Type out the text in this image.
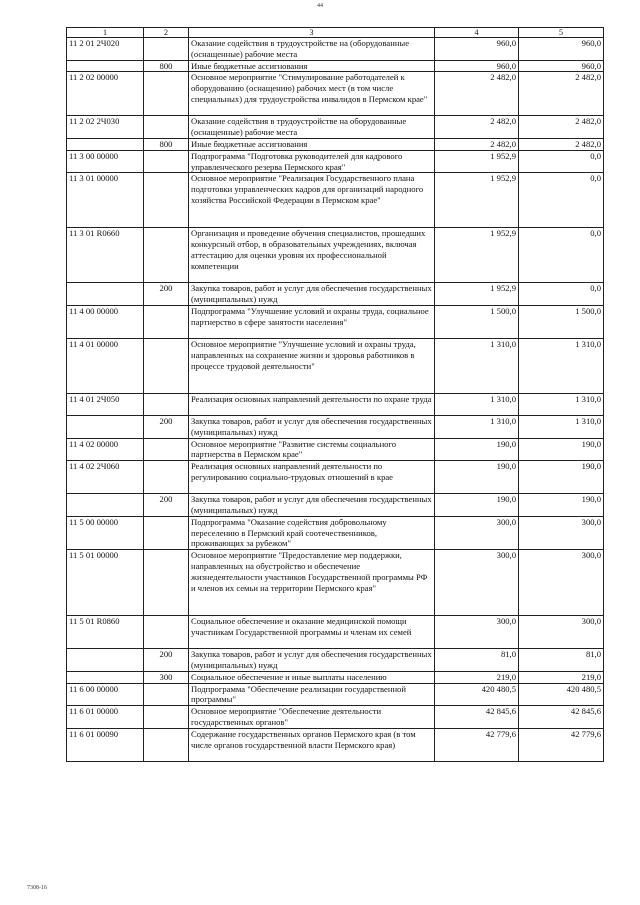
44
1	2	3	4	5
11 2 01 2Ч020		Оказание содействия в трудоустройстве на (оборудованные (оснащенные) рабочие места	960,0	960,0
	800	Иные бюджетные ассигнования	960,0	960,0
11 2 02 00000		Основное мероприятие "Стимулирование работодателей к оборудованию (оснащению) рабочих мест (в том числе специальных) для трудоустройства инвалидов в Пермском крае"	2 482,0	2 482,0
11 2 02 2Ч030		Оказание содействия в трудоустройстве на оборудованные (оснащенные) рабочие места	2 482,0	2 482,0
	800	Иные бюджетные ассигнования	2 482,0	2 482,0
11 3 00 00000		Подпрограмма "Подготовка руководителей для кадрового управленческого резерва Пермского края"	1 952,9	0,0
11 3 01 00000		Основное мероприятие "Реализация Государственного плана подготовки управленческих кадров для организаций народного хозяйства Российской Федерации в Пермском крае"	1 952,9	0,0
11 3 01 R0660		Организация и проведение обучения специалистов, прошедших конкурсный отбор, в образовательных учреждениях, включая аттестацию для оценки уровня их профессиональной компетенции	1 952,9	0,0
	200	Закупка товаров, работ и услуг для обеспечения государственных (муниципальных) нужд	1 952,9	0,0
11 4 00 00000		Подпрограмма "Улучшение условий и охраны труда, социальное партнерство в сфере занятости населения"	1 500,0	1 500,0
11 4 01 00000		Основное мероприятие "Улучшение условий и охраны труда, направленных на сохранение жизни и здоровья работников в процессе трудовой деятельности"	1 310,0	1 310,0
11 4 01 2Ч050		Реализация основных направлений деятельности по охране труда	1 310,0	1 310,0
	200	Закупка товаров, работ и услуг для обеспечения государственных (муниципальных) нужд	1 310,0	1 310,0
11 4 02 00000		Основное мероприятие "Развитие системы социального партнерства в Пермском крае"	190,0	190,0
11 4 02 2Ч060		Реализация основных направлений деятельности по регулированию социально-трудовых отношений в крае	190,0	190,0
	200	Закупка товаров, работ и услуг для обеспечения государственных (муниципальных) нужд	190,0	190,0
11 5 00 00000		Подпрограмма "Оказание содействия добровольному переселению в Пермский край соотечественников, проживающих за рубежом"	300,0	300,0
11 5 01 00000		Основное мероприятие "Предоставление мер поддержки, направленных на обустройство и обеспечение жизнедеятельности участников Государственной программы РФ и членов их семьи на территории Пермского края"	300,0	300,0
11 5 01 R0860		Социальное обеспечение и оказание медицинской помощи участникам Государственной программы и членам их семей	300,0	300,0
	200	Закупка товаров, работ и услуг для обеспечения государственных (муниципальных) нужд	81,0	81,0
	300	Социальное обеспечение и иные выплаты населению	219,0	219,0
11 6 00 00000		Подпрограмма "Обеспечение реализации государственной программы"	420 480,5	420 480,5
11 6 01 00000		Основное мероприятие "Обеспечение деятельности государственных органов"	42 845,6	42 845,6
11 6 01 00090		Содержание государственных органов Пермского края (в том числе органов государственной власти Пермского края)	42 779,6	42 779,6
7308-16
